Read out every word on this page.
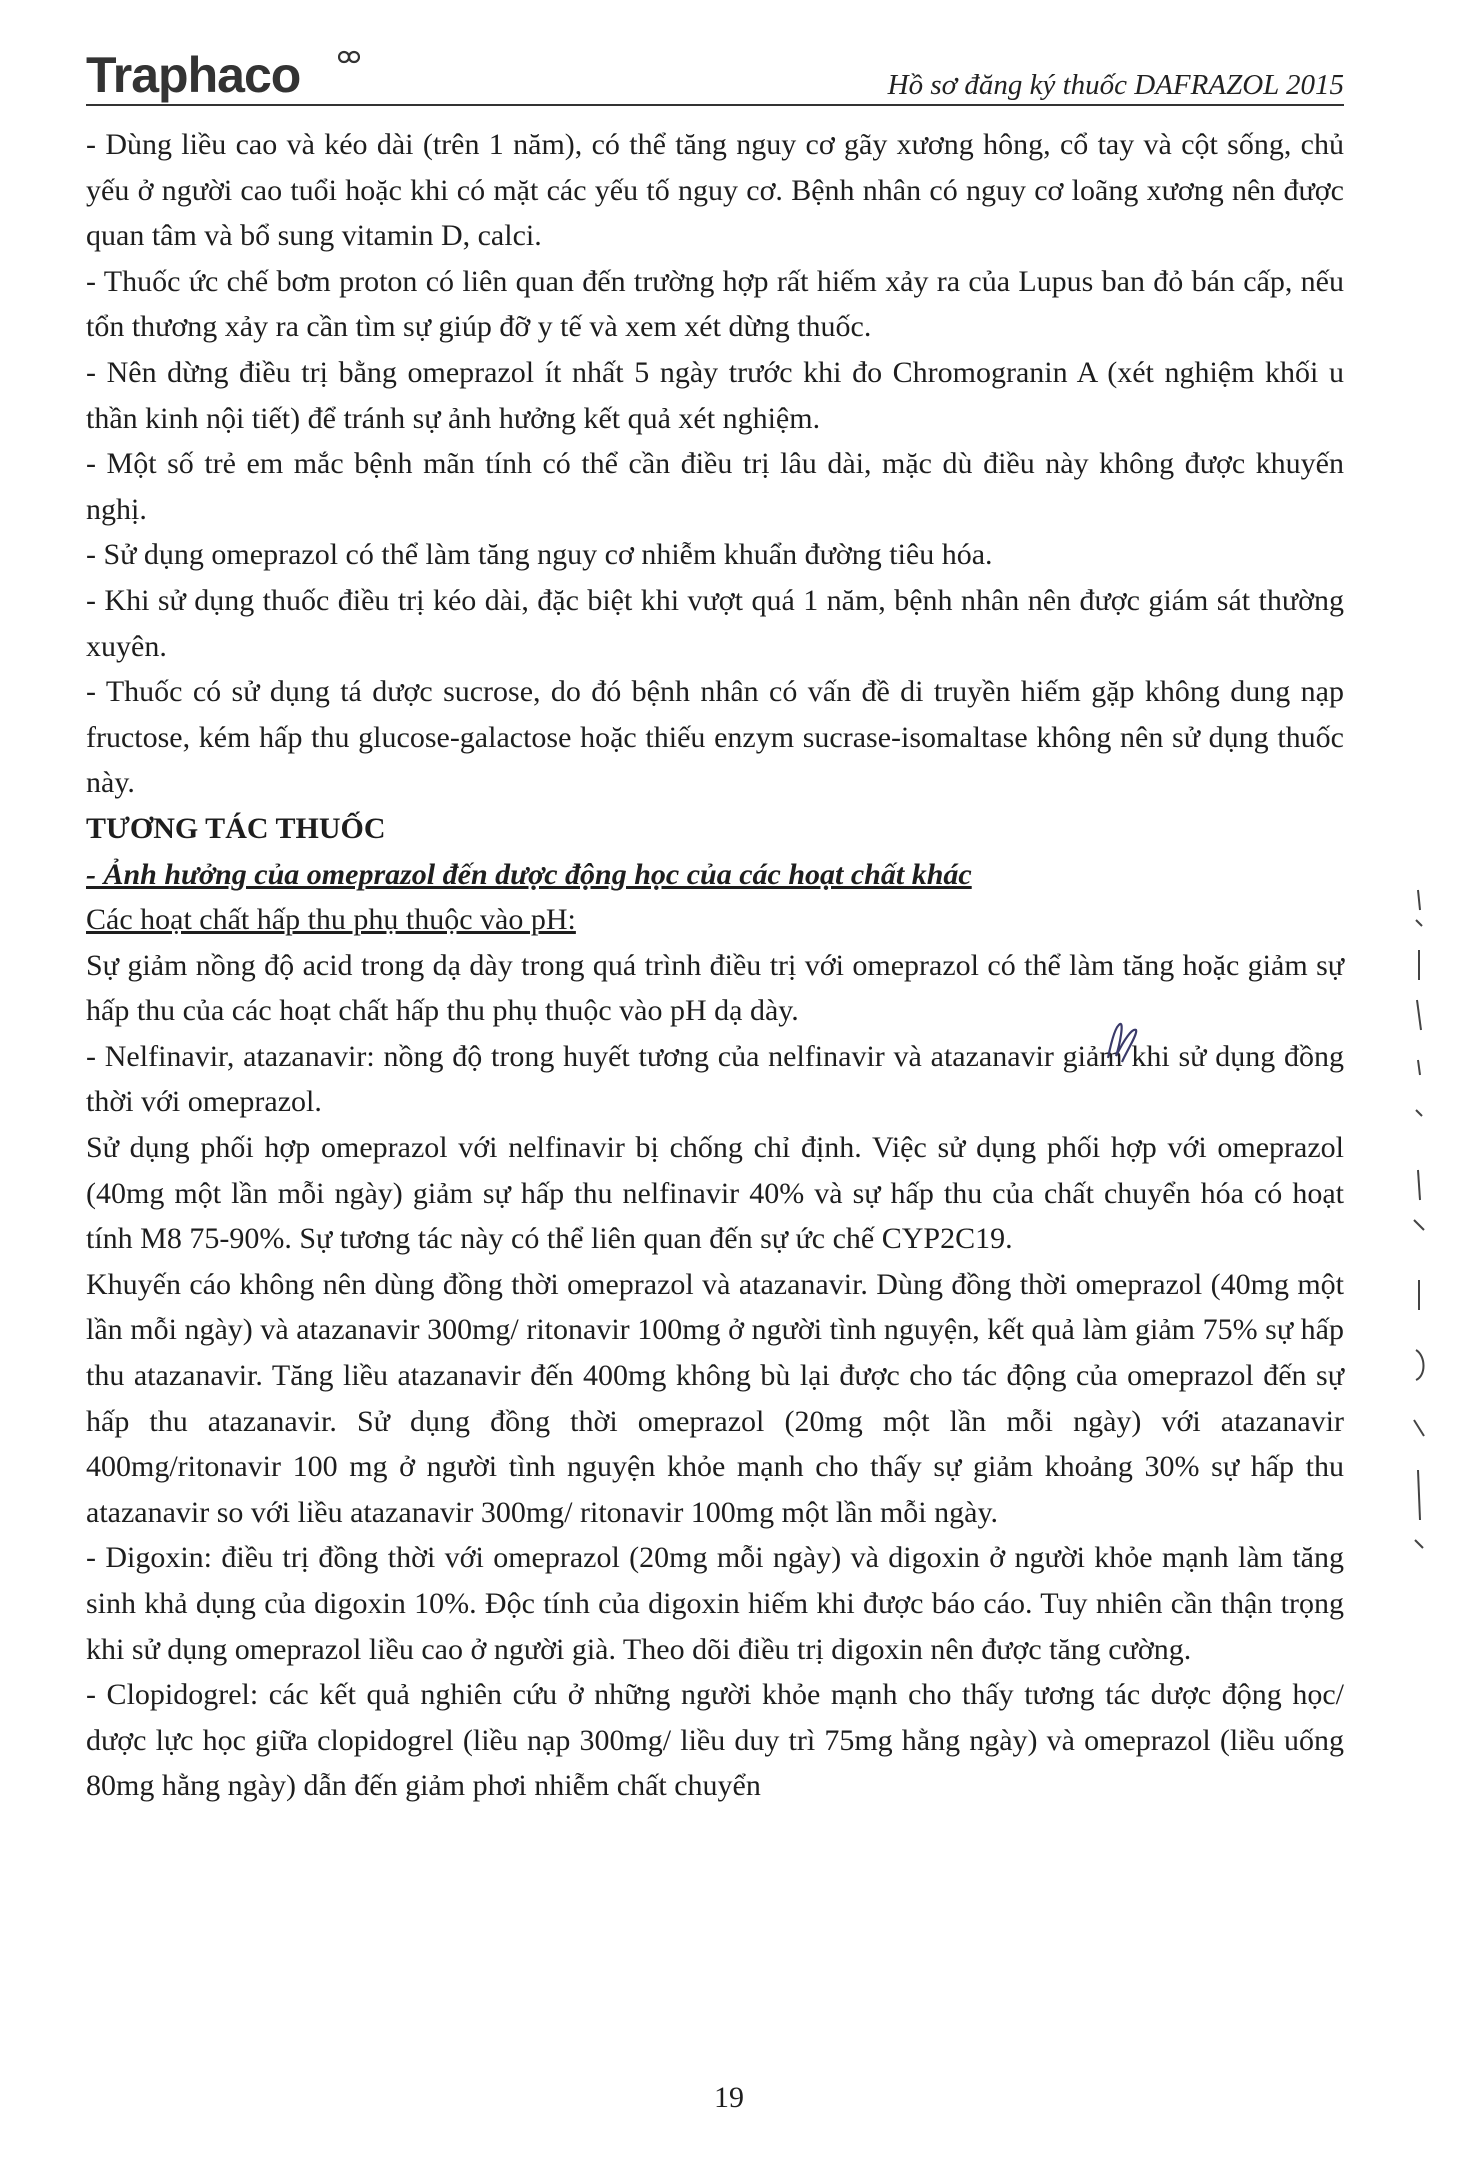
Traphaco	Hồ sơ đăng ký thuốc DAFRAZOL 2015

- Dùng liều cao và kéo dài (trên 1 năm), có thể tăng nguy cơ gãy xương hông, cổ tay và cột sống, chủ yếu ở người cao tuổi hoặc khi có mặt các yếu tố nguy cơ. Bệnh nhân có nguy cơ loãng xương nên được quan tâm và bổ sung vitamin D, calci.

- Thuốc ức chế bơm proton có liên quan đến trường hợp rất hiếm xảy ra của Lupus ban đỏ bán cấp, nếu tổn thương xảy ra cần tìm sự giúp đỡ y tế và xem xét dừng thuốc.

- Nên dừng điều trị bằng omeprazol ít nhất 5 ngày trước khi đo Chromogranin A (xét nghiệm khối u thần kinh nội tiết) để tránh sự ảnh hưởng kết quả xét nghiệm.

- Một số trẻ em mắc bệnh mãn tính có thể cần điều trị lâu dài, mặc dù điều này không được khuyến nghị.

- Sử dụng omeprazol có thể làm tăng nguy cơ nhiễm khuẩn đường tiêu hóa.

- Khi sử dụng thuốc điều trị kéo dài, đặc biệt khi vượt quá 1 năm, bệnh nhân nên được giám sát thường xuyên.

- Thuốc có sử dụng tá dược sucrose, do đó bệnh nhân có vấn đề di truyền hiếm gặp không dung nạp fructose, kém hấp thu glucose-galactose hoặc thiếu enzym sucrase-isomaltase không nên sử dụng thuốc này.

TƯƠNG TÁC THUỐC

- Ảnh hưởng của omeprazol đến dược động học của các hoạt chất khác

Các hoạt chất hấp thu phụ thuộc vào pH:

Sự giảm nồng độ acid trong dạ dày trong quá trình điều trị với omeprazol có thể làm tăng hoặc giảm sự hấp thu của các hoạt chất hấp thu phụ thuộc vào pH dạ dày.

- Nelfinavir, atazanavir: nồng độ trong huyết tương của nelfinavir và atazanavir giảm khi sử dụng đồng thời với omeprazol.

Sử dụng phối hợp omeprazol với nelfinavir bị chống chỉ định. Việc sử dụng phối hợp với omeprazol (40mg một lần mỗi ngày) giảm sự hấp thu nelfinavir 40% và sự hấp thu của chất chuyển hóa có hoạt tính M8 75-90%. Sự tương tác này có thể liên quan đến sự ức chế CYP2C19.

Khuyến cáo không nên dùng đồng thời omeprazol và atazanavir. Dùng đồng thời omeprazol (40mg một lần mỗi ngày) và atazanavir 300mg/ ritonavir 100mg ở người tình nguyện, kết quả làm giảm 75% sự hấp thu atazanavir. Tăng liều atazanavir đến 400mg không bù lại được cho tác động của omeprazol đến sự hấp thu atazanavir. Sử dụng đồng thời omeprazol (20mg một lần mỗi ngày) với atazanavir 400mg/ritonavir 100 mg ở người tình nguyện khỏe mạnh cho thấy sự giảm khoảng 30% sự hấp thu atazanavir so với liều atazanavir 300mg/ ritonavir 100mg một lần mỗi ngày.

- Digoxin: điều trị đồng thời với omeprazol (20mg mỗi ngày) và digoxin ở người khỏe mạnh làm tăng sinh khả dụng của digoxin 10%. Độc tính của digoxin hiếm khi được báo cáo. Tuy nhiên cần thận trọng khi sử dụng omeprazol liều cao ở người già. Theo dõi điều trị digoxin nên được tăng cường.

- Clopidogrel: các kết quả nghiên cứu ở những người khỏe mạnh cho thấy tương tác dược động học/ dược lực học giữa clopidogrel (liều nạp 300mg/ liều duy trì 75mg hằng ngày) và omeprazol (liều uống 80mg hằng ngày) dẫn đến giảm phơi nhiễm chất chuyển

19
